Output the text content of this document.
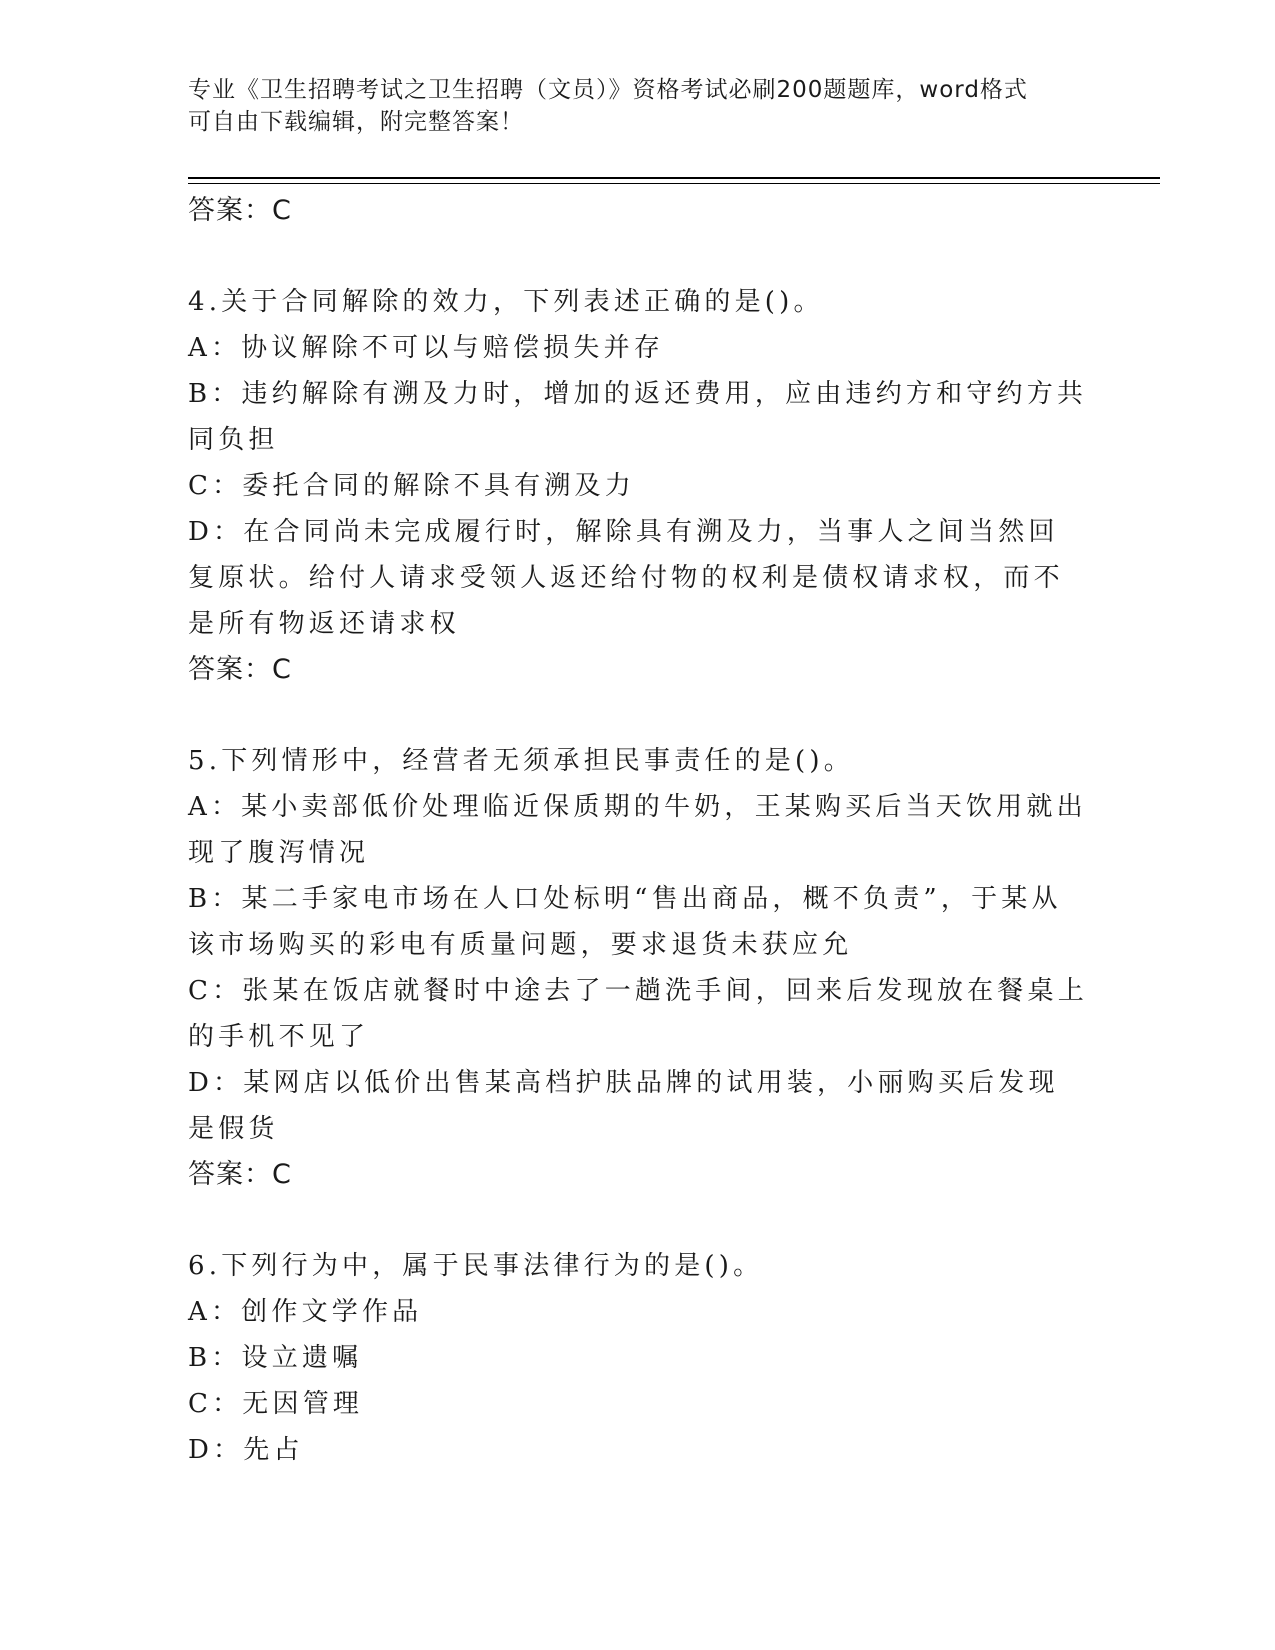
专业《卫生招聘考试之卫生招聘（文员）》资格考试必刷200题题库，word格式
可自由下载编辑，附完整答案！
答案：C
4.关于合同解除的效力，下列表述正确的是()。
A：协议解除不可以与赔偿损失并存
B：违约解除有溯及力时，增加的返还费用，应由违约方和守约方共同负担
C：委托合同的解除不具有溯及力
D：在合同尚未完成履行时，解除具有溯及力，当事人之间当然回复原状。给付人请求受领人返还给付物的权利是债权请求权，而不是所有物返还请求权
答案：C
5.下列情形中，经营者无须承担民事责任的是()。
A：某小卖部低价处理临近保质期的牛奶，王某购买后当天饮用就出现了腹泻情况
B：某二手家电市场在人口处标明“售出商品，概不负责”，于某从该市场购买的彩电有质量问题，要求退货未获应允
C：张某在饭店就餐时中途去了一趟洗手间，回来后发现放在餐桌上的手机不见了
D：某网店以低价出售某高档护肤品牌的试用装，小丽购买后发现是假货
答案：C
6.下列行为中，属于民事法律行为的是()。
A：创作文学作品
B：设立遗嘱
C：无因管理
D：先占
